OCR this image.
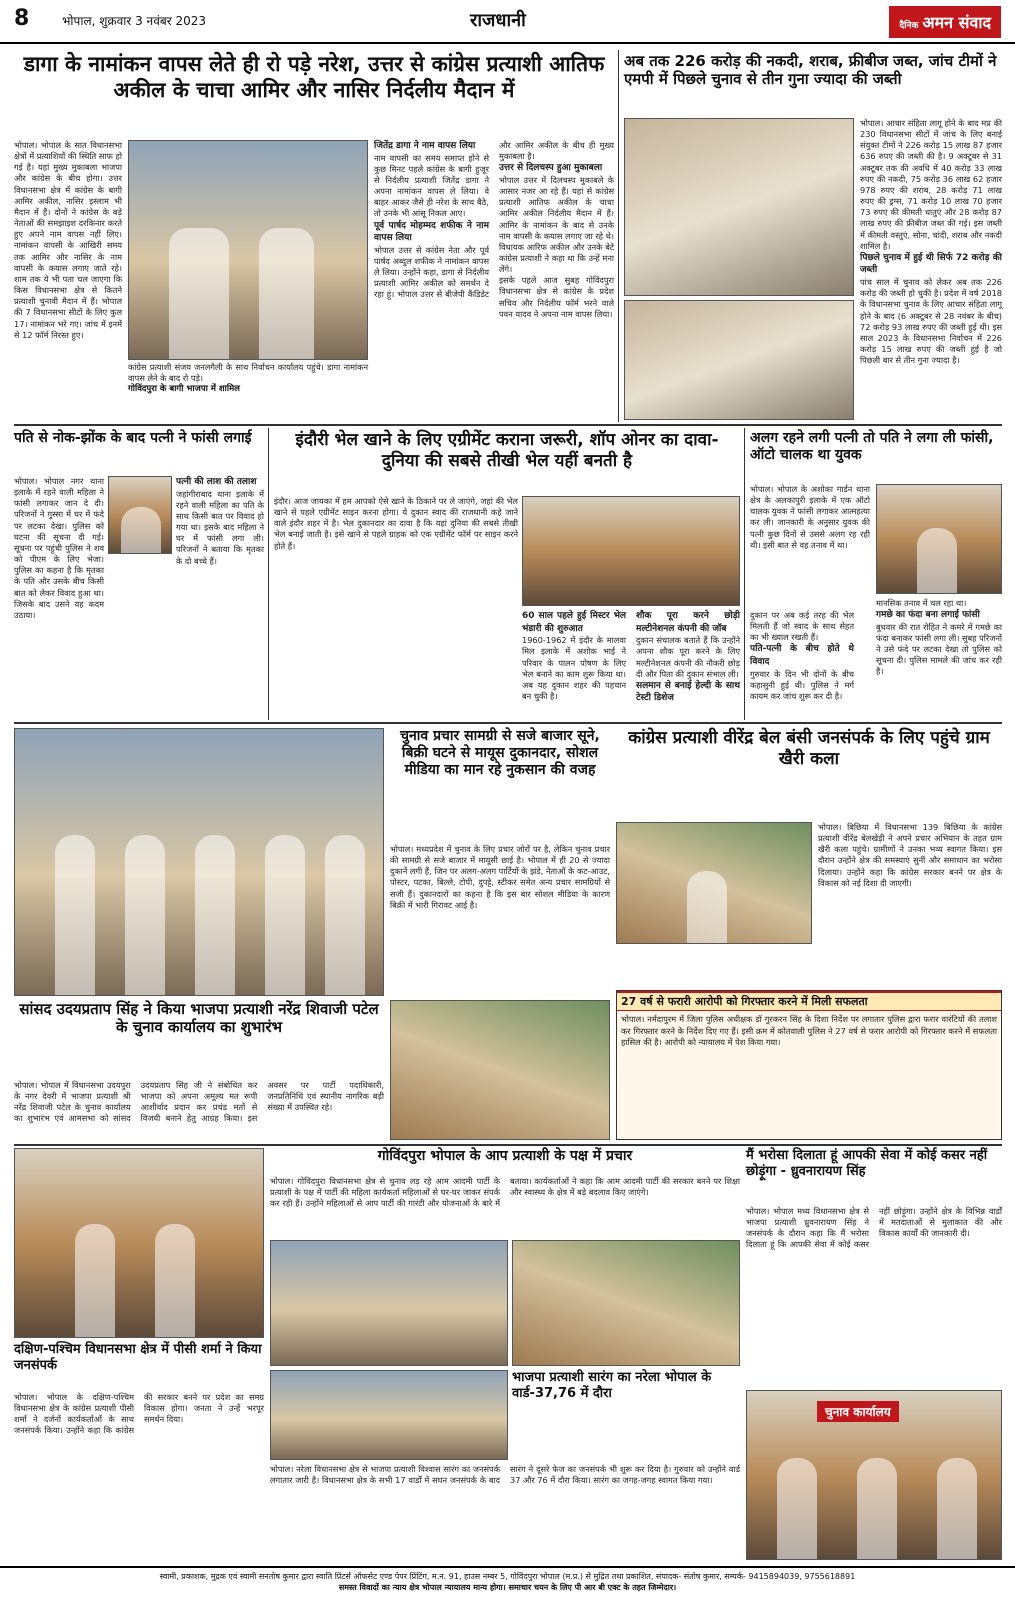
8	भोपाल, शुक्रवार 3 नवंबर 2023	राजधानी	दैनिक अमन संवाद
डागा के नामांकन वापस लेते ही रो पड़े नरेश, उत्तर से कांग्रेस प्रत्याशी आतिफ अकील के चाचा आमिर और नासिर निर्दलीय मैदान में
भोपाल। भोपाल के सात विधानसभा क्षेत्रों में प्रत्याशियों की स्थिति साफ हो गई है। यहां मुख्य मुकाबला भाजपा और कांग्रेस के बीच होगा। उत्तर विधानसभा क्षेत्र में कांग्रेस के बागी आमिर अकील, नासिर इस्लाम भी मैदान में हैं। दोनों ने कांग्रेस के बड़े नेताओं की समझाइश दरकिनार करते हुए अपने नाम वापस नहीं लिए। नामांकन वापसी के आखिरी समय तक आमिर और नासिर के नाम वापसी के कयास लगाए जाते रहे। शाम तक ये भी पता चल जाएगा कि किस विधानसभा क्षेत्र से कितने प्रत्याशी चुनावी मैदान में हैं। भोपाल की 7 विधानसभा सीटों के लिए कुल 17। नामांकन भरे गए। जांच में इनमें से 12 फॉर्म निरस्त हुए।
कांग्रेस प्रत्याशी संजय जनलगैली के साथ निर्वाचन कार्यालय पहुंचे। डागा नामांकन वापस लेने के बाद रो पड़े।
गोविंदपुरा के बागी भाजपा में शामिल
जितेंद्र डागा ने नाम वापस लिया
नाम वापसी का समय समाप्त होने से कुछ मिनट पहले कांग्रेस के बागी हुजूर से निर्दलीय प्रत्याशी जितेंद्र डागा ने अपना नामांकन वापस ले लिया। वे बाहर आकर जैसे ही नरेश के साथ बैठे, तो उनके भी आंसू निकल आए।
पूर्व पार्षद मोहम्मद शफीक ने नाम वापस लिया
भोपाल उत्तर से कांग्रेस नेता और पूर्व पार्षद अब्दुल शफीक ने नामांकन वापस ले लिया। उन्होंने कहा, डागा से निर्दलीय प्रत्याशी आमिर अकील को समर्थन दे रहा हूं। भोपाल उत्तर से बीजेपी कैंडिडेट और आमिर अकील के बीच ही मुख्य मुकाबला है।
उत्तर से दिलचस्प हुआ मुकाबला
भोपाल उत्तर में दिलचस्प मुकाबले के आसार नजर आ रहे हैं। यहां से कांग्रेस प्रत्याशी आतिफ अकील के चाचा आमिर अकील निर्दलीय मैदान में हैं। आमिर के नामांकन के बाद से उनके नाम वापसी के कयास लगाए जा रहे थे। विधायक आरिफ अकील और उनके बेटे कांग्रेस प्रत्याशी ने कहा था कि उन्हें मना लेंगे।
इसके पहले आज सुबह गोविंदपुरा विधानसभा क्षेत्र से कांग्रेस के प्रदेश सचिव और निर्दलीय फॉर्म भरने वाले पवन यादव ने अपना नाम वापस लिया।
अब तक 226 करोड़ की नकदी, शराब, फ्रीबीज जब्त, जांच टीमों ने एमपी में पिछले चुनाव से तीन गुना ज्यादा की जब्ती
भोपाल। आचार संहिता लागू होने के बाद मप्र की 230 विधानसभा सीटों में जांच के लिए बनाई संयुक्त टीमों ने 226 करोड़ 15 लाख 87 हजार 636 रुपए की जब्ती की है। 9 अक्टूबर से 31 अक्टूबर तक की अवधि में 40 करोड़ 33 लाख रुपए की नकदी, 75 करोड़ 36 लाख 62 हजार 978 रुपए की शराब, 28 करोड़ 71 लाख रुपए की ड्रग्स, 71 करोड़ 10 लाख 70 हजार 73 रुपए की कीमती धातुएं और 28 करोड़ 87 लाख रुपए की फ्रीबीज जब्त की गई। इस जब्ती में कीमती वस्तुएं, सोना, चांदी, शराब और नकदी शामिल है।
पिछले चुनाव में हुई थी सिर्फ 72 करोड़ की जब्ती
पांच साल में चुनाव को लेकर अब तक 226 करोड़ की जब्ती हो चुकी है। प्रदेश में वर्ष 2018 के विधानसभा चुनाव के लिए आचार संहिता लागू होने के बाद (6 अक्टूबर से 28 नवंबर के बीच) 72 करोड़ 93 लाख रुपए की जब्ती हुई थी। इस साल 2023 के विधानसभा निर्वाचन में 226 करोड़ 15 लाख रुपए की जब्ती हुई है जो पिछली बार से तीन गुना ज्यादा है।
पति से नोक-झोंक के बाद पत्नी ने फांसी लगाई
भोपाल। भोपाल नगर थाना इलाके में रहने वाली महिला ने फांसी लगाकर जान दे दी। परिजनों ने गुस्सा में घर में फंदे पर लटका देखा। पुलिस को घटना की सूचना दी गई। सूचना पर पहुंची पुलिस ने शव को पीएम के लिए भेजा। पुलिस का कहना है कि मृतका के पति और उसके बीच किसी बात को लेकर विवाद हुआ था। जिसके बाद उसने यह कदम उठाया।
पत्नी की लाश की तलाश
जहांगीराबाद थाना इलाके में रहने वाली महिला का पति के साथ किसी बात पर विवाद हो गया था। इसके बाद महिला ने घर में फांसी लगा ली। परिजनों ने बताया कि मृतका के दो बच्चे हैं।
इंदौरी भेल खाने के लिए एग्रीमेंट कराना जरूरी, शॉप ओनर का दावा- दुनिया की सबसे तीखी भेल यहीं बनती है
इंदौर। आज जायका में हम आपको ऐसे खाने के ठिकाने पर ले जाएंगे, जहां की भेल खाने से पहले एग्रीमेंट साइन करना होगा। ये दुकान स्वाद की राजधानी कहे जाने वाले इंदौर शहर में है। भेल दुकानदार का दावा है कि यहां दुनिया की सबसे तीखी भेल बनाई जाती है। इसे खाने से पहले ग्राहक को एक एग्रीमेंट फॉर्म पर साइन करने होते हैं।
60 साल पहले हुई मिस्टर भेल भंडारी की शुरुआत
1960-1962 में इंदौर के मालवा मिल इलाके में अशोक भाई ने परिवार के पालन पोषण के लिए भेल बनाने का काम शुरू किया था। अब यह दुकान शहर की पहचान बन चुकी है।
शौक पूरा करने छोड़ी मल्टीनेशनल कंपनी की जॉब
दुकान संचालक बताते हैं कि उन्होंने अपना शौक पूरा करने के लिए मल्टीनेशनल कंपनी की नौकरी छोड़ दी और पिता की दुकान संभाल ली।
सलमान से बनाई हेल्दी के साथ टेस्टी डिशेज
दुकान पर अब कई तरह की भेल मिलती हैं जो स्वाद के साथ सेहत का भी ख्याल रखती हैं।
पति-पत्नी के बीच होते थे विवाद
गुरुवार के दिन भी दोनों के बीच कहासुनी हुई थी। पुलिस ने मर्ग कायम कर जांच शुरू कर दी है।
अलग रहने लगी पत्नी तो पति ने लगा ली फांसी, ऑटो चालक था युवक
भोपाल। भोपाल के अशोका गार्डन थाना क्षेत्र के अलकापुरी इलाके में एक ऑटो चालक युवक ने फांसी लगाकर आत्महत्या कर ली। जानकारी के अनुसार युवक की पत्नी कुछ दिनों से उससे अलग रह रही थी। इसी बात से वह तनाव में था।
मानसिक तनाव में चल रहा था।
गमछे का फंदा बना लगाई फांसी
बुधवार की रात रोहित ने कमरे में गमछे का फंदा बनाकर फांसी लगा ली। सुबह परिजनों ने उसे फंदे पर लटका देखा तो पुलिस को सूचना दी। पुलिस मामले की जांच कर रही है।
चुनाव प्रचार सामग्री से सजे बाजार सूने, बिक्री घटने से मायूस दुकानदार, सोशल मीडिया का मान रहे नुकसान की वजह
भोपाल। मध्यप्रदेश में चुनाव के लिए प्रचार जोरों पर है, लेकिन चुनाव प्रचार की सामग्री से सजे बाजार में मायूसी छाई है। भोपाल में ही 20 से ज्यादा दुकानें लगी हैं, जिन पर अलग-अलग पार्टियों के झंडे, नेताओं के कट-आउट, पोस्टर, पटका, बिल्ले, टोपी, दुपट्टे, स्टीकर समेत अन्य प्रचार सामग्रियों से सजी हैं। दुकानदारों का कहना है कि इस बार सोशल मीडिया के कारण बिक्री में भारी गिरावट आई है।
कांग्रेस प्रत्याशी वीरेंद्र बेल बंसी जनसंपर्क के लिए पहुंचे ग्राम खैरी कला
भोपाल। बिछिया में विधानसभा 139 बिछिया के कांग्रेस प्रत्याशी वीरेंद्र बेलखेड़ी ने अपने प्रचार अभियान के तहत ग्राम खैरी कला पहुंचे। ग्रामीणों ने उनका भव्य स्वागत किया। इस दौरान उन्होंने क्षेत्र की समस्याएं सुनीं और समाधान का भरोसा दिलाया। उन्होंने कहा कि कांग्रेस सरकार बनने पर क्षेत्र के विकास को नई दिशा दी जाएगी।
27 वर्ष से फरारी आरोपी को गिरफ्तार करने में मिली सफलता
भोपाल। नर्मदापुरम में जिला पुलिस अधीक्षक डॉ गुरकरन सिंह के दिशा निर्देश पर लगातार पुलिस द्वारा फरार वारंटियों की तलाश कर गिरफ्तार करने के निर्देश दिए गए हैं। इसी क्रम में कोतवाली पुलिस ने 27 वर्ष से फरार आरोपी को गिरफ्तार करने में सफलता हासिल की है। आरोपी को न्यायालय में पेश किया गया।
सांसद उदयप्रताप सिंह ने किया भाजपा प्रत्याशी नरेंद्र शिवाजी पटेल के चुनाव कार्यालय का शुभारंभ
भोपाल। भोपाल में विधानसभा उदयपुरा के नगर देवरी में भाजपा प्रत्याशी श्री नरेंद्र शिवाजी पटेल के चुनाव कार्यालय का शुभारंभ एवं आमसभा को सांसद उदयप्रताप सिंह जी ने संबोधित कर भाजपा को अपना अमूल्य मत रूपी आशीर्वाद प्रदान कर प्रचंड मतों से विजयी बनाने हेतु आग्रह किया। इस अवसर पर पार्टी पदाधिकारी, जनप्रतिनिधि एवं स्थानीय नागरिक बड़ी संख्या में उपस्थित रहे।
गोविंदपुरा भोपाल के आप प्रत्याशी के पक्ष में प्रचार
भोपाल। गोविंदपुरा विधानसभा क्षेत्र से चुनाव लड़ रहे आम आदमी पार्टी के प्रत्याशी के पक्ष में पार्टी की महिला कार्यकर्ता महिलाओं से घर-घर जाकर संपर्क कर रही हैं। उन्होंने महिलाओं से आप पार्टी की गारंटी और योजनाओं के बारे में बताया। कार्यकर्ताओं ने कहा कि आम आदमी पार्टी की सरकार बनने पर शिक्षा और स्वास्थ्य के क्षेत्र में बड़े बदलाव किए जाएंगे।
मैं भरोसा दिलाता हूं आपकी सेवा में कोई कसर नहीं छोड़ूंगा - ध्रुवनारायण सिंह
भोपाल। भोपाल मध्य विधानसभा क्षेत्र से भाजपा प्रत्याशी ध्रुवनारायण सिंह ने जनसंपर्क के दौरान कहा कि मैं भरोसा दिलाता हूं कि आपकी सेवा में कोई कसर नहीं छोड़ूंगा। उन्होंने क्षेत्र के विभिन्न वार्डों में मतदाताओं से मुलाकात की और विकास कार्यों की जानकारी दी।
चुनाव कार्यालय
भाजपा प्रत्याशी सारंग का नरेला भोपाल के वार्ड-37,76 में दौरा
भोपाल। नरेला विधानसभा क्षेत्र से भाजपा प्रत्याशी विश्वास सारंग का जनसंपर्क लगातार जारी है। विधानसभा क्षेत्र के सभी 17 वार्डों में सघन जनसंपर्क के बाद सारंग ने दूसरे फेज का जनसंपर्क भी शुरू कर दिया है। गुरुवार को उन्होंने वार्ड 37 और 76 में दौरा किया। सारंग का जगह-जगह स्वागत किया गया।
दक्षिण-पश्चिम विधानसभा क्षेत्र में पीसी शर्मा ने किया जनसंपर्क
भोपाल। भोपाल के दक्षिण-पश्चिम विधानसभा क्षेत्र के कांग्रेस प्रत्याशी पीसी शर्मा ने दर्जनों कार्यकर्ताओं के साथ जनसंपर्क किया। उन्होंने कहा कि कांग्रेस की सरकार बनने पर प्रदेश का समग्र विकास होगा। जनता ने उन्हें भरपूर समर्थन दिया।
स्वामी, प्रकाशक, मुद्रक एवं स्वामी सनतोष कुमार द्वारा स्वाति प्रिंटर्स ऑफसेट एण्ड पेपर प्रिंटिंग, म.न. 91, हाउस नम्बर 5, गोविंदपुरा भोपाल (म.प्र.) से मुद्रित तथा प्रकाशित, संपादक- संतोष कुमार, सम्पर्क- 9415894039, 9755618891
समस्त विवादों का न्याय क्षेत्र भोपाल न्यायालय मान्य होगा। समाचार चयन के लिए पी आर बी एक्ट के तहत जिम्मेदार।
